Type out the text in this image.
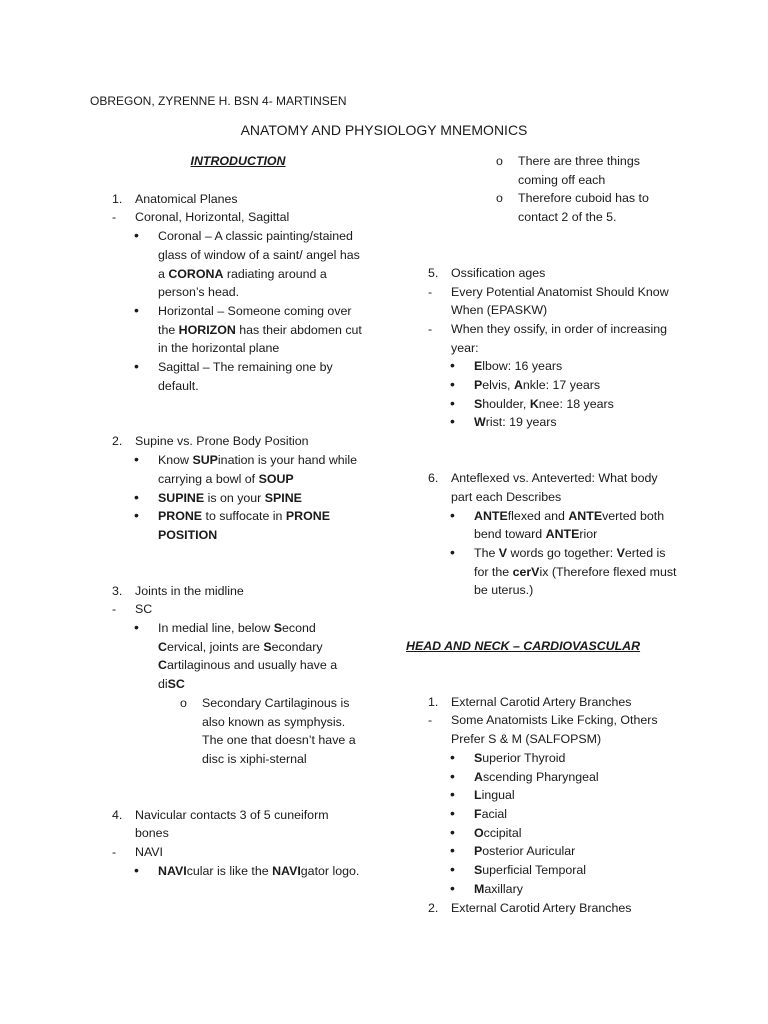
OBREGON, ZYRENNE H. BSN 4- MARTINSEN
ANATOMY AND PHYSIOLOGY MNEMONICS
INTRODUCTION
1. Anatomical Planes
- Coronal, Horizontal, Sagittal
• Coronal – A classic painting/stained glass of window of a saint/ angel has a CORONA radiating around a person’s head.
• Horizontal – Someone coming over the HORIZON has their abdomen cut in the horizontal plane
• Sagittal – The remaining one by default.
2. Supine vs. Prone Body Position
• Know SUPination is your hand while carrying a bowl of SOUP
• SUPINE is on your SPINE
• PRONE to suffocate in PRONE POSITION
3. Joints in the midline
- SC
• In medial line, below Second Cervical, joints are Secondary Cartilaginous and usually have a diSC
o Secondary Cartilaginous is also known as symphysis. The one that doesn’t have a disc is xiphi-sternal
4. Navicular contacts 3 of 5 cuneiform bones
- NAVI
• NAVIcular is like the NAVIgator logo.
o There are three things coming off each
o Therefore cuboid has to contact 2 of the 5.
5. Ossification ages
- Every Potential Anatomist Should Know When (EPASKW)
- When they ossify, in order of increasing year:
• Elbow: 16 years
• Pelvis, Ankle: 17 years
• Shoulder, Knee: 18 years
• Wrist: 19 years
6. Anteflexed vs. Anteverted: What body part each Describes
• ANTEflexed and ANTEverted both bend toward ANTErior
• The V words go together: Verted is for the cerVix (Therefore flexed must be uterus.)
HEAD AND NECK – CARDIOVASCULAR
1. External Carotid Artery Branches
- Some Anatomists Like Fcking, Others Prefer S & M (SALFOPSM)
• Superior Thyroid
• Ascending Pharyngeal
• Lingual
• Facial
• Occipital
• Posterior Auricular
• Superficial Temporal
• Maxillary
2. External Carotid Artery Branches
